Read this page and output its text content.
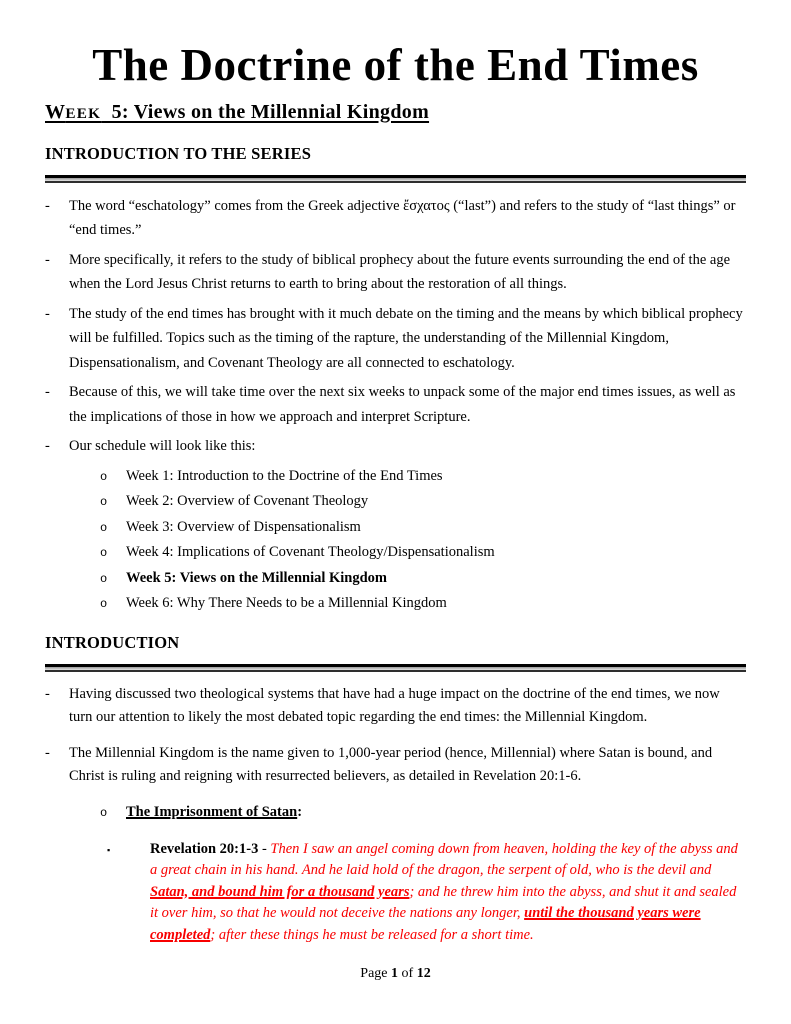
The Doctrine of the End Times
WEEK 5: Views on the Millennial Kingdom
INTRODUCTION TO THE SERIES
-	The word “eschatology” comes from the Greek adjective ἔσχατος (“last”) and refers to the study of “last things” or “end times.”
-	More specifically, it refers to the study of biblical prophecy about the future events surrounding the end of the age when the Lord Jesus Christ returns to earth to bring about the restoration of all things.
-	The study of the end times has brought with it much debate on the timing and the means by which biblical prophecy will be fulfilled. Topics such as the timing of the rapture, the understanding of the Millennial Kingdom, Dispensationalism, and Covenant Theology are all connected to eschatology.
-	Because of this, we will take time over the next six weeks to unpack some of the major end times issues, as well as the implications of those in how we approach and interpret Scripture.
-	Our schedule will look like this:
o	Week 1: Introduction to the Doctrine of the End Times
o	Week 2: Overview of Covenant Theology
o	Week 3: Overview of Dispensationalism
o	Week 4: Implications of Covenant Theology/Dispensationalism
o	Week 5: Views on the Millennial Kingdom
o	Week 6: Why There Needs to be a Millennial Kingdom
INTRODUCTION
-	Having discussed two theological systems that have had a huge impact on the doctrine of the end times, we now turn our attention to likely the most debated topic regarding the end times: the Millennial Kingdom.
-	The Millennial Kingdom is the name given to 1,000-year period (hence, Millennial) where Satan is bound, and Christ is ruling and reigning with resurrected believers, as detailed in Revelation 20:1-6.
o	The Imprisonment of Satan:
▪	Revelation 20:1-3 - Then I saw an angel coming down from heaven, holding the key of the abyss and a great chain in his hand. And he laid hold of the dragon, the serpent of old, who is the devil and Satan, and bound him for a thousand years; and he threw him into the abyss, and shut it and sealed it over him, so that he would not deceive the nations any longer, until the thousand years were completed; after these things he must be released for a short time.
Page 1 of 12
